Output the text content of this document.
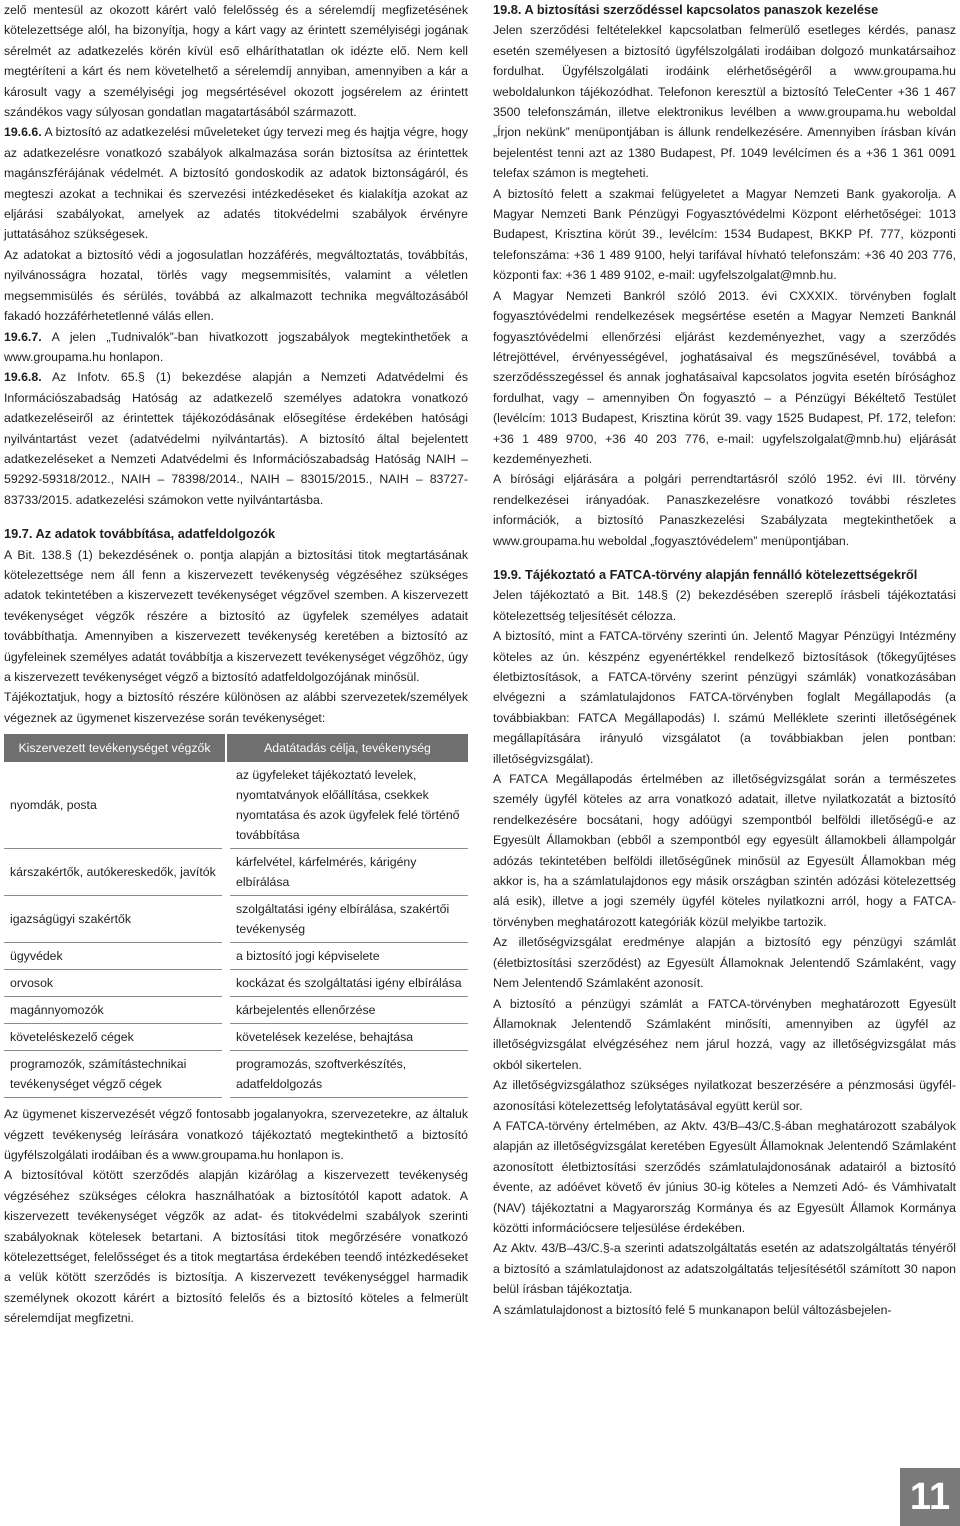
zelő mentesül az okozott kárért való felelősség és a sérelemdíj megfizetésének kötelezettsége alól, ha bizonyítja, hogy a kárt vagy az érintett személyiségi jogának sérelmét az adatkezelés körén kívül eső elháríthatatlan ok idézte elő. Nem kell megtéríteni a kárt és nem követelhető a sérelemdíj annyiban, amennyiben a kár a károsult vagy a személyiségi jog megsértésével okozott jogsérelem az érintett szándékos vagy súlyosan gondatlan magatartásából származott.

19.6.6. A biztosító az adatkezelési műveleteket úgy tervezi meg és hajtja végre, hogy az adatkezelésre vonatkozó szabályok alkalmazása során biztosítsa az érintettek magánszférájának védelmét. A biztosító gondoskodik az adatok biztonságáról, és megteszi azokat a technikai és szervezési intézkedéseket és kialakítja azokat az eljárási szabályokat, amelyek az adatés titokvédelmi szabályok érvényre juttatásához szükségesek.

Az adatokat a biztosító védi a jogosulatlan hozzáférés, megváltoztatás, továbbítás, nyilvánosságra hozatal, törlés vagy megsemmisítés, valamint a véletlen megsemmisülés és sérülés, továbbá az alkalmazott technika megváltozásából fakadó hozzáférhetetlenné válás ellen.

19.6.7. A jelen „Tudnivalók”-ban hivatkozott jogszabályok megtekinthetőek a www.groupama.hu honlapon.

19.6.8. Az Infotv. 65.§ (1) bekezdése alapján a Nemzeti Adatvédelmi és Információszabadság Hatóság az adatkezelő személyes adatokra vonatkozó adatkezeléseiről az érintettek tájékozódásának elősegítése érdekében hatósági nyilvántartást vezet (adatvédelmi nyilvántartás). A biztosító által bejelentett adatkezeléseket a Nemzeti Adatvédelmi és Információszabadság Hatóság NAIH – 59292-59318/2012., NAIH – 78398/2014., NAIH – 83015/2015., NAIH – 83727-83733/2015. adatkezelési számokon vette nyilvántartásba.

19.7. Az adatok továbbítása, adatfeldolgozók

A Bit. 138.§ (1) bekezdésének o. pontja alapján a biztosítási titok megtartásának kötelezettsége nem áll fenn a kiszervezett tevékenység végzéséhez szükséges adatok tekintetében a kiszervezett tevékenységet végzővel szemben. A kiszervezett tevékenységet végzők részére a biztosító az ügyfelek személyes adatait továbbíthatja. Amennyiben a kiszervezett tevékenység keretében a biztosító az ügyfeleinek személyes adatát továbbítja a kiszervezett tevékenységet végzőhöz, úgy a kiszervezett tevékenységet végző a biztosító adatfeldolgozójának minősül.

Tájékoztatjuk, hogy a biztosító részére különösen az alábbi szervezetek/személyek végeznek az ügymenet kiszervezése során tevékenységet:

Kiszervezett tevékenységet végzők	Adatátadás célja, tevékenység
nyomdák, posta	az ügyfeleket tájékoztató levelek, nyomtatványok előállítása, csekkek nyomtatása és azok ügyfelek felé történő továbbítása
kárszakértők, autókereskedők, javítók	kárfelvétel, kárfelmérés, kárigény elbírálása
igazságügyi szakértők	szolgáltatási igény elbírálása, szakértői tevékenység
ügyvédek	a biztosító jogi képviselete
orvosok	kockázat és szolgáltatási igény elbírálása
magánnyomozók	kárbejelentés ellenőrzése
követeléskezelő cégek	követelések kezelése, behajtása
programozók, számítástechnikai tevékenységet végző cégek	programozás, szoftverkészítés, adatfeldolgozás

Az ügymenet kiszervezését végző fontosabb jogalanyokra, szervezetekre, az általuk végzett tevékenység leírására vonatkozó tájékoztató megtekinthető a biztosító ügyfélszolgálati irodáiban és a www.groupama.hu honlapon is.

A biztosítóval kötött szerződés alapján kizárólag a kiszervezett tevékenység végzéséhez szükséges célokra használhatóak a biztosítótól kapott adatok. A kiszervezett tevékenységet végzők az adat- és titokvédelmi szabályok szerinti szabályoknak kötelesek betartani. A biztosítási titok megőrzésére vonatkozó kötelezettséget, felelősséget és a titok megtartása érdekében teendő intézkedéseket a velük kötött szerződés is biztosítja. A kiszervezett tevékenységgel harmadik személynek okozott kárért a biztosító felelős és a biztosító köteles a felmerült sérelemdíjat megfizetni.

19.8. A biztosítási szerződéssel kapcsolatos panaszok kezelése

Jelen szerződési feltételekkel kapcsolatban felmerülő esetleges kérdés, panasz esetén személyesen a biztosító ügyfélszolgálati irodáiban dolgozó munkatársaihoz fordulhat. Ügyfélszolgálati irodáink elérhetőségéről a www.groupama.hu weboldalunkon tájékozódhat. Telefonon keresztül a biztosító TeleCenter +36 1 467 3500 telefonszámán, illetve elektronikus levélben a www.groupama.hu weboldal „Írjon nekünk” menüpontjában is állunk rendelkezésére. Amennyiben írásban kíván bejelentést tenni azt az 1380 Budapest, Pf. 1049 levélcímen és a +36 1 361 0091 telefax számon is megteheti.

A biztosító felett a szakmai felügyeletet a Magyar Nemzeti Bank gyakorolja. A Magyar Nemzeti Bank Pénzügyi Fogyasztóvédelmi Központ elérhetőségei: 1013 Budapest, Krisztina körút 39., levélcím: 1534 Budapest, BKKP Pf. 777, központi telefonszáma: +36 1 489 9100, helyi tarifával hívható telefonszám: +36 40 203 776, központi fax: +36 1 489 9102, e-mail: ugyfelszolgalat@mnb.hu.

A Magyar Nemzeti Bankról szóló 2013. évi CXXXIX. törvényben foglalt fogyasztóvédelmi rendelkezések megsértése esetén a Magyar Nemzeti Banknál fogyasztóvédelmi ellenőrzési eljárást kezdeményezhet, vagy a szerződés létrejöttével, érvényességével, joghatásaival és megszűnésével, továbbá a szerződésszegéssel és annak joghatásaival kapcsolatos jogvita esetén bírósághoz fordulhat, vagy – amennyiben Ön fogyasztó – a Pénzügyi Békéltető Testület (levélcím: 1013 Budapest, Krisztina körút 39. vagy 1525 Budapest, Pf. 172, telefon: +36 1 489 9700, +36 40 203 776, e-mail: ugyfelszolgalat@mnb.hu) eljárását kezdeményezheti.

A bírósági eljárására a polgári perrendtartásról szóló 1952. évi III. törvény rendelkezései irányadóak. Panaszkezelésre vonatkozó további részletes információk, a biztosító Panaszkezelési Szabályzata megtekinthetőek a www.groupama.hu weboldal „fogyasztóvédelem” menüpontjában.

19.9. Tájékoztató a FATCA-törvény alapján fennálló kötelezettségekről

Jelen tájékoztató a Bit. 148.§ (2) bekezdésében szereplő írásbeli tájékoztatási kötelezettség teljesítését célozza.

A biztosító, mint a FATCA-törvény szerinti ún. Jelentő Magyar Pénzügyi Intézmény köteles az ún. készpénz egyenértékkel rendelkező biztosítások (tőkegyűjtéses életbiztosítások, a FATCA-törvény szerint pénzügyi számlák) vonatkozásában elvégezni a számlatulajdonos FATCA-törvényben foglalt Megállapodás (a továbbiakban: FATCA Megállapodás) I. számú Melléklete szerinti illetőségének megállapítására irányuló vizsgálatot (a továbbiakban jelen pontban: illetőségvizsgálat).

A FATCA Megállapodás értelmében az illetőségvizsgálat során a természetes személy ügyfél köteles az arra vonatkozó adatait, illetve nyilatkozatát a biztosító rendelkezésére bocsátani, hogy adóügyi szempontból belföldi illetőségű-e az Egyesült Államokban (ebből a szempontból egy egyesült államokbeli állampolgár adózás tekintetében belföldi illetőségűnek minősül az Egyesült Államokban még akkor is, ha a számlatulajdonos egy másik országban szintén adózási kötelezettség alá esik), illetve a jogi személy ügyfél köteles nyilatkozni arról, hogy a FATCA-törvényben meghatározott kategóriák közül melyikbe tartozik.

Az illetőségvizsgálat eredménye alapján a biztosító egy pénzügyi számlát (életbiztosítási szerződést) az Egyesült Államoknak Jelentendő Számlaként, vagy Nem Jelentendő Számlaként azonosít.

A biztosító a pénzügyi számlát a FATCA-törvényben meghatározott Egyesült Államoknak Jelentendő Számlaként minősíti, amennyiben az ügyfél az illetőségvizsgálat elvégzéséhez nem járul hozzá, vagy az illetőségvizsgálat más okból sikertelen.

Az illetőségvizsgálathoz szükséges nyilatkozat beszerzésére a pénzmosási ügyfél-azonosítási kötelezettség lefolytatásával együtt kerül sor.

A FATCA-törvény értelmében, az Aktv. 43/B–43/C.§-ában meghatározott szabályok alapján az illetőségvizsgálat keretében Egyesült Államoknak Jelentendő Számlaként azonosított életbiztosítási szerződés számlatulajdonosának adatairól a biztosító évente, az adóévet követő év június 30-ig köteles a Nemzeti Adó- és Vámhivatalt (NAV) tájékoztatni a Magyarország Kormánya és az Egyesült Államok Kormánya közötti információcsere teljesülése érdekében.

Az Aktv. 43/B–43/C.§-a szerinti adatszolgáltatás esetén az adatszolgáltatás tényéről a biztosító a számlatulajdonost az adatszolgáltatás teljesítésétől számított 30 napon belül írásban tájékoztatja.

A számlatulajdonost a biztosító felé 5 munkanapon belül változásbejelen-

11
